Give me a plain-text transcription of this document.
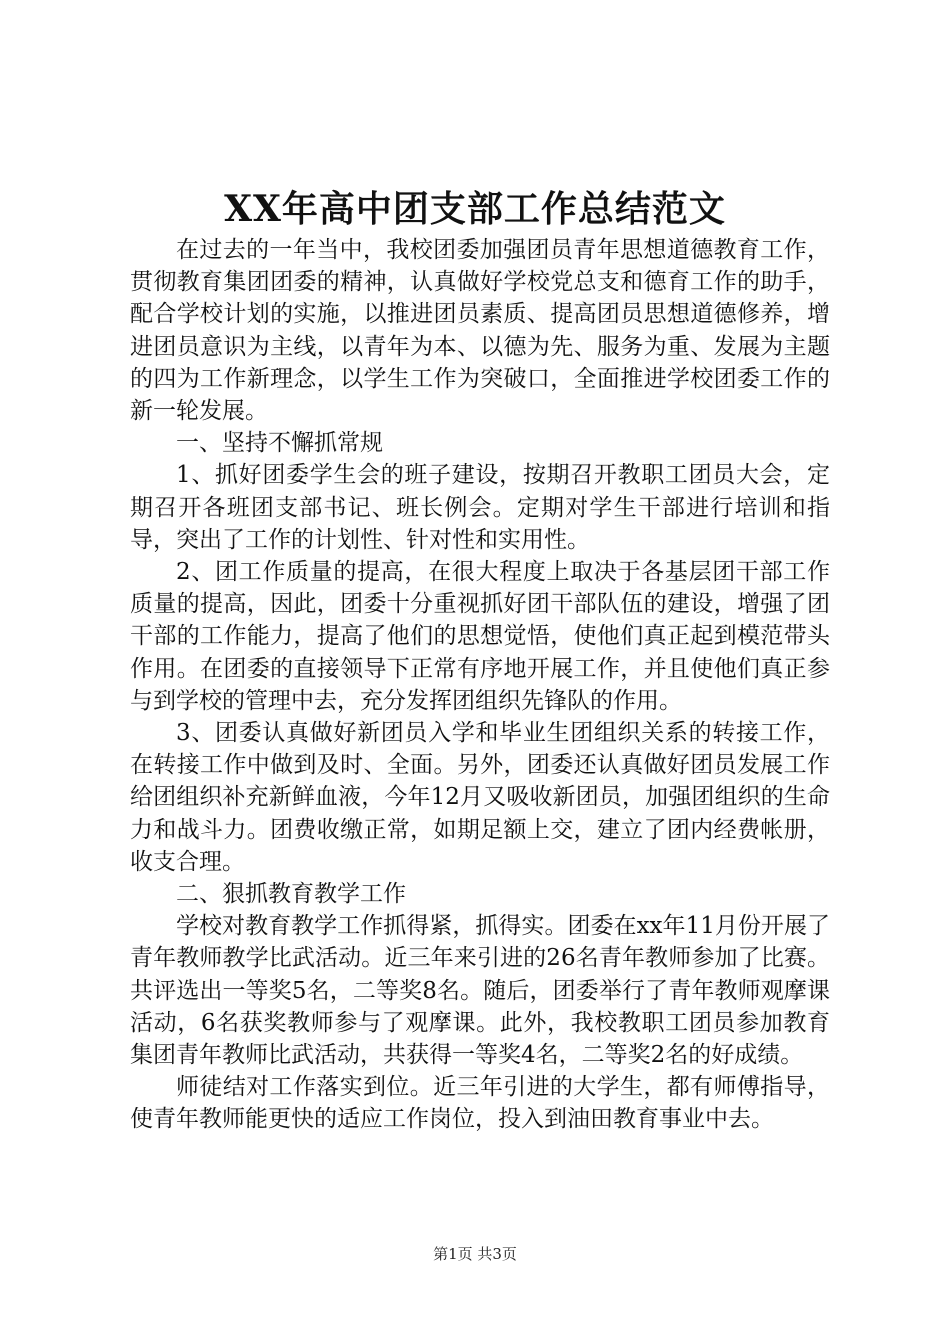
XX年高中团支部工作总结范文

在过去的一年当中，我校团委加强团员青年思想道德教育工作，贯彻教育集团团委的精神，认真做好学校党总支和德育工作的助手，配合学校计划的实施，以推进团员素质、提高团员思想道德修养，增进团员意识为主线，以青年为本、以德为先、服务为重、发展为主题的四为工作新理念，以学生工作为突破口，全面推进学校团委工作的新一轮发展。

一、坚持不懈抓常规

1、抓好团委学生会的班子建设，按期召开教职工团员大会，定期召开各班团支部书记、班长例会。定期对学生干部进行培训和指导，突出了工作的计划性、针对性和实用性。

2、团工作质量的提高，在很大程度上取决于各基层团干部工作质量的提高，因此，团委十分重视抓好团干部队伍的建设，增强了团干部的工作能力，提高了他们的思想觉悟，使他们真正起到模范带头作用。在团委的直接领导下正常有序地开展工作，并且使他们真正参与到学校的管理中去，充分发挥团组织先锋队的作用。

3、团委认真做好新团员入学和毕业生团组织关系的转接工作，在转接工作中做到及时、全面。另外，团委还认真做好团员发展工作给团组织补充新鲜血液，今年12月又吸收新团员，加强团组织的生命力和战斗力。团费收缴正常，如期足额上交，建立了团内经费帐册，收支合理。

二、狠抓教育教学工作

学校对教育教学工作抓得紧，抓得实。团委在xx年11月份开展了青年教师教学比武活动。近三年来引进的26名青年教师参加了比赛。共评选出一等奖5名，二等奖8名。随后，团委举行了青年教师观摩课活动，6名获奖教师参与了观摩课。此外，我校教职工团员参加教育集团青年教师比武活动，共获得一等奖4名，二等奖2名的好成绩。

师徒结对工作落实到位。近三年引进的大学生，都有师傅指导，使青年教师能更快的适应工作岗位，投入到油田教育事业中去。

第1页 共3页
